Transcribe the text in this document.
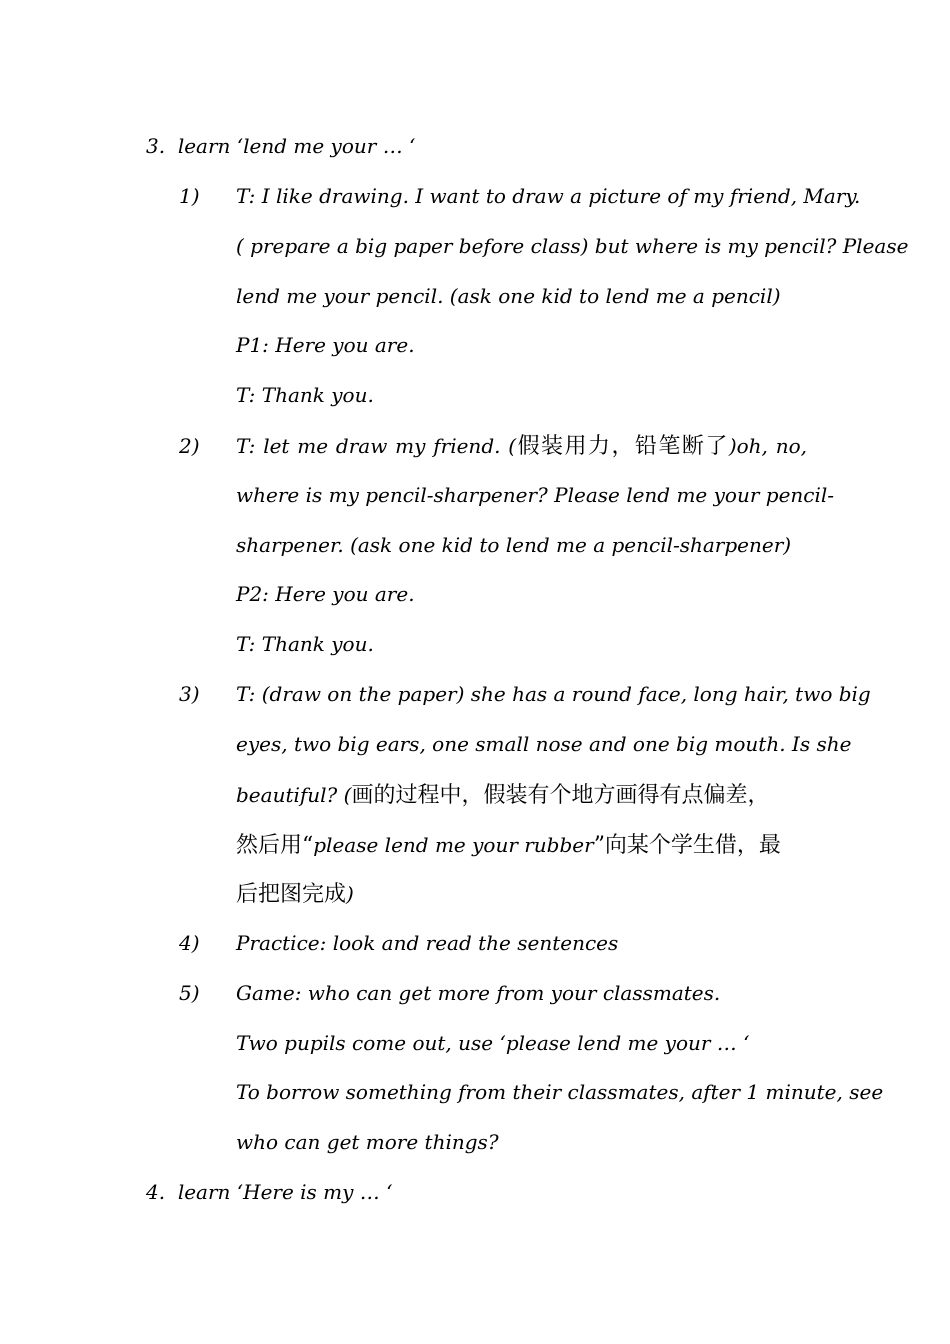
3. learn ‘lend me your … ‘
1) T: I like drawing. I want to draw a picture of my friend, Mary.
( prepare a big paper before class) but where is my pencil? Please
lend me your pencil. (ask one kid to lend me a pencil)
P1: Here you are.
T: Thank you.
2) T: let me draw my friend. (假装用力，铅笔断了)oh, no,
where is my pencil-sharpener? Please lend me your pencil-
sharpener. (ask one kid to lend me a pencil-sharpener)
P2: Here you are.
T: Thank you.
3) T: (draw on the paper) she has a round face, long hair, two big
eyes, two big ears, one small nose and one big mouth. Is she
beautiful? (画的过程中，假装有个地方画得有点偏差，
然后用“please lend me your rubber”向某个学生借，最
后把图完成)
4) Practice: look and read the sentences
5) Game: who can get more from your classmates.
Two pupils come out, use ‘please lend me your … ‘
To borrow something from their classmates, after 1 minute, see
who can get more things?
4. learn ‘Here is my … ‘
